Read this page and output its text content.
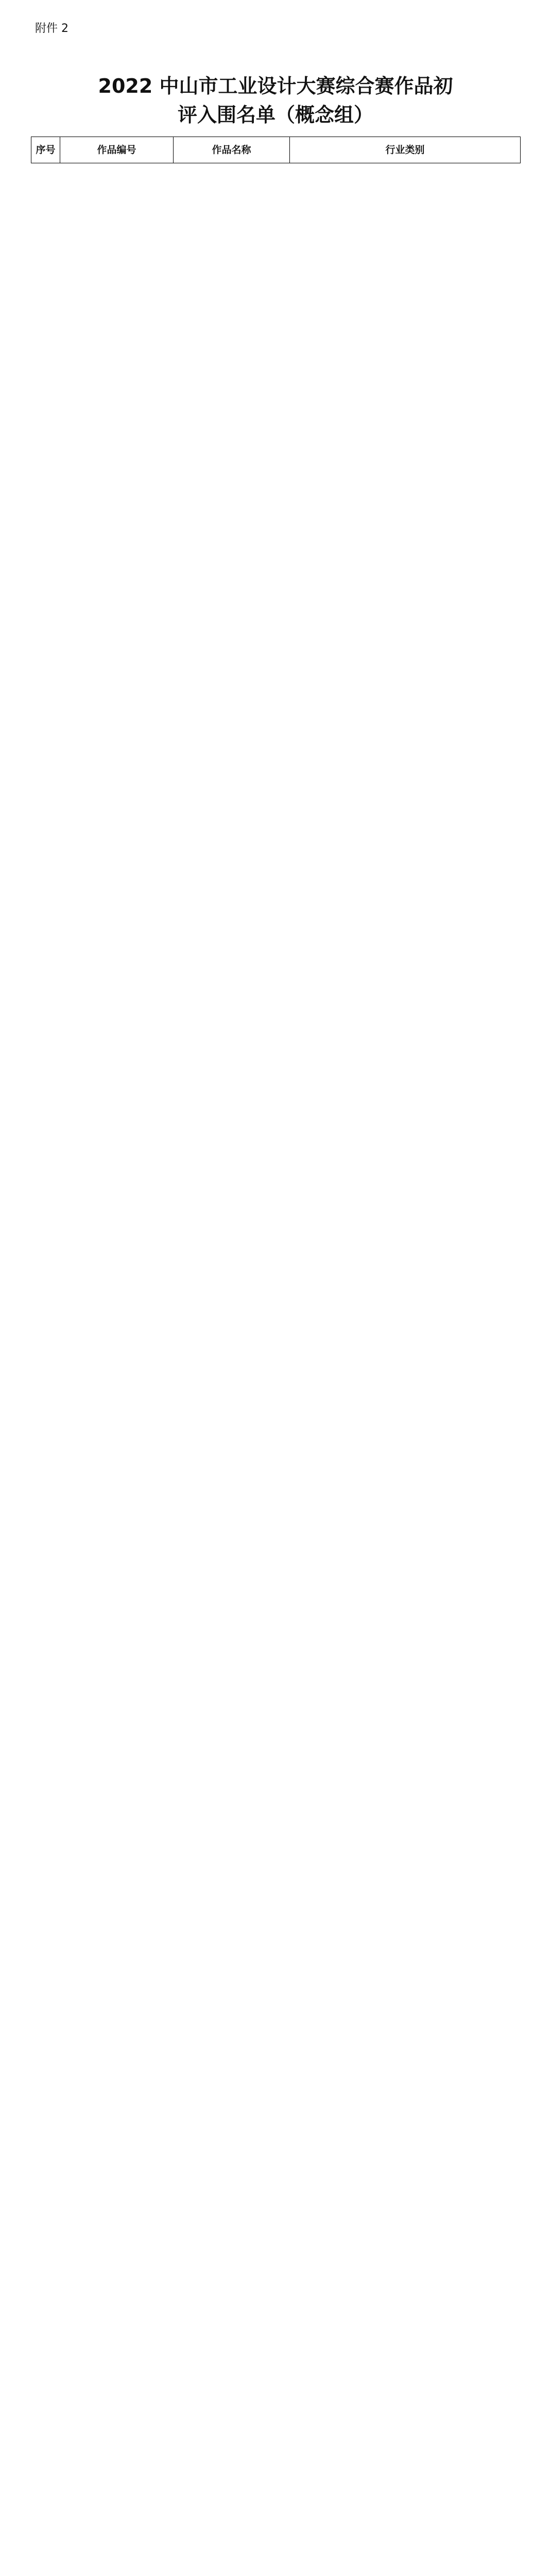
附件 2
2022 中山市工业设计大赛综合赛作品初评入围名单（概念组）
序号	作品编号	作品名称	行业类别
